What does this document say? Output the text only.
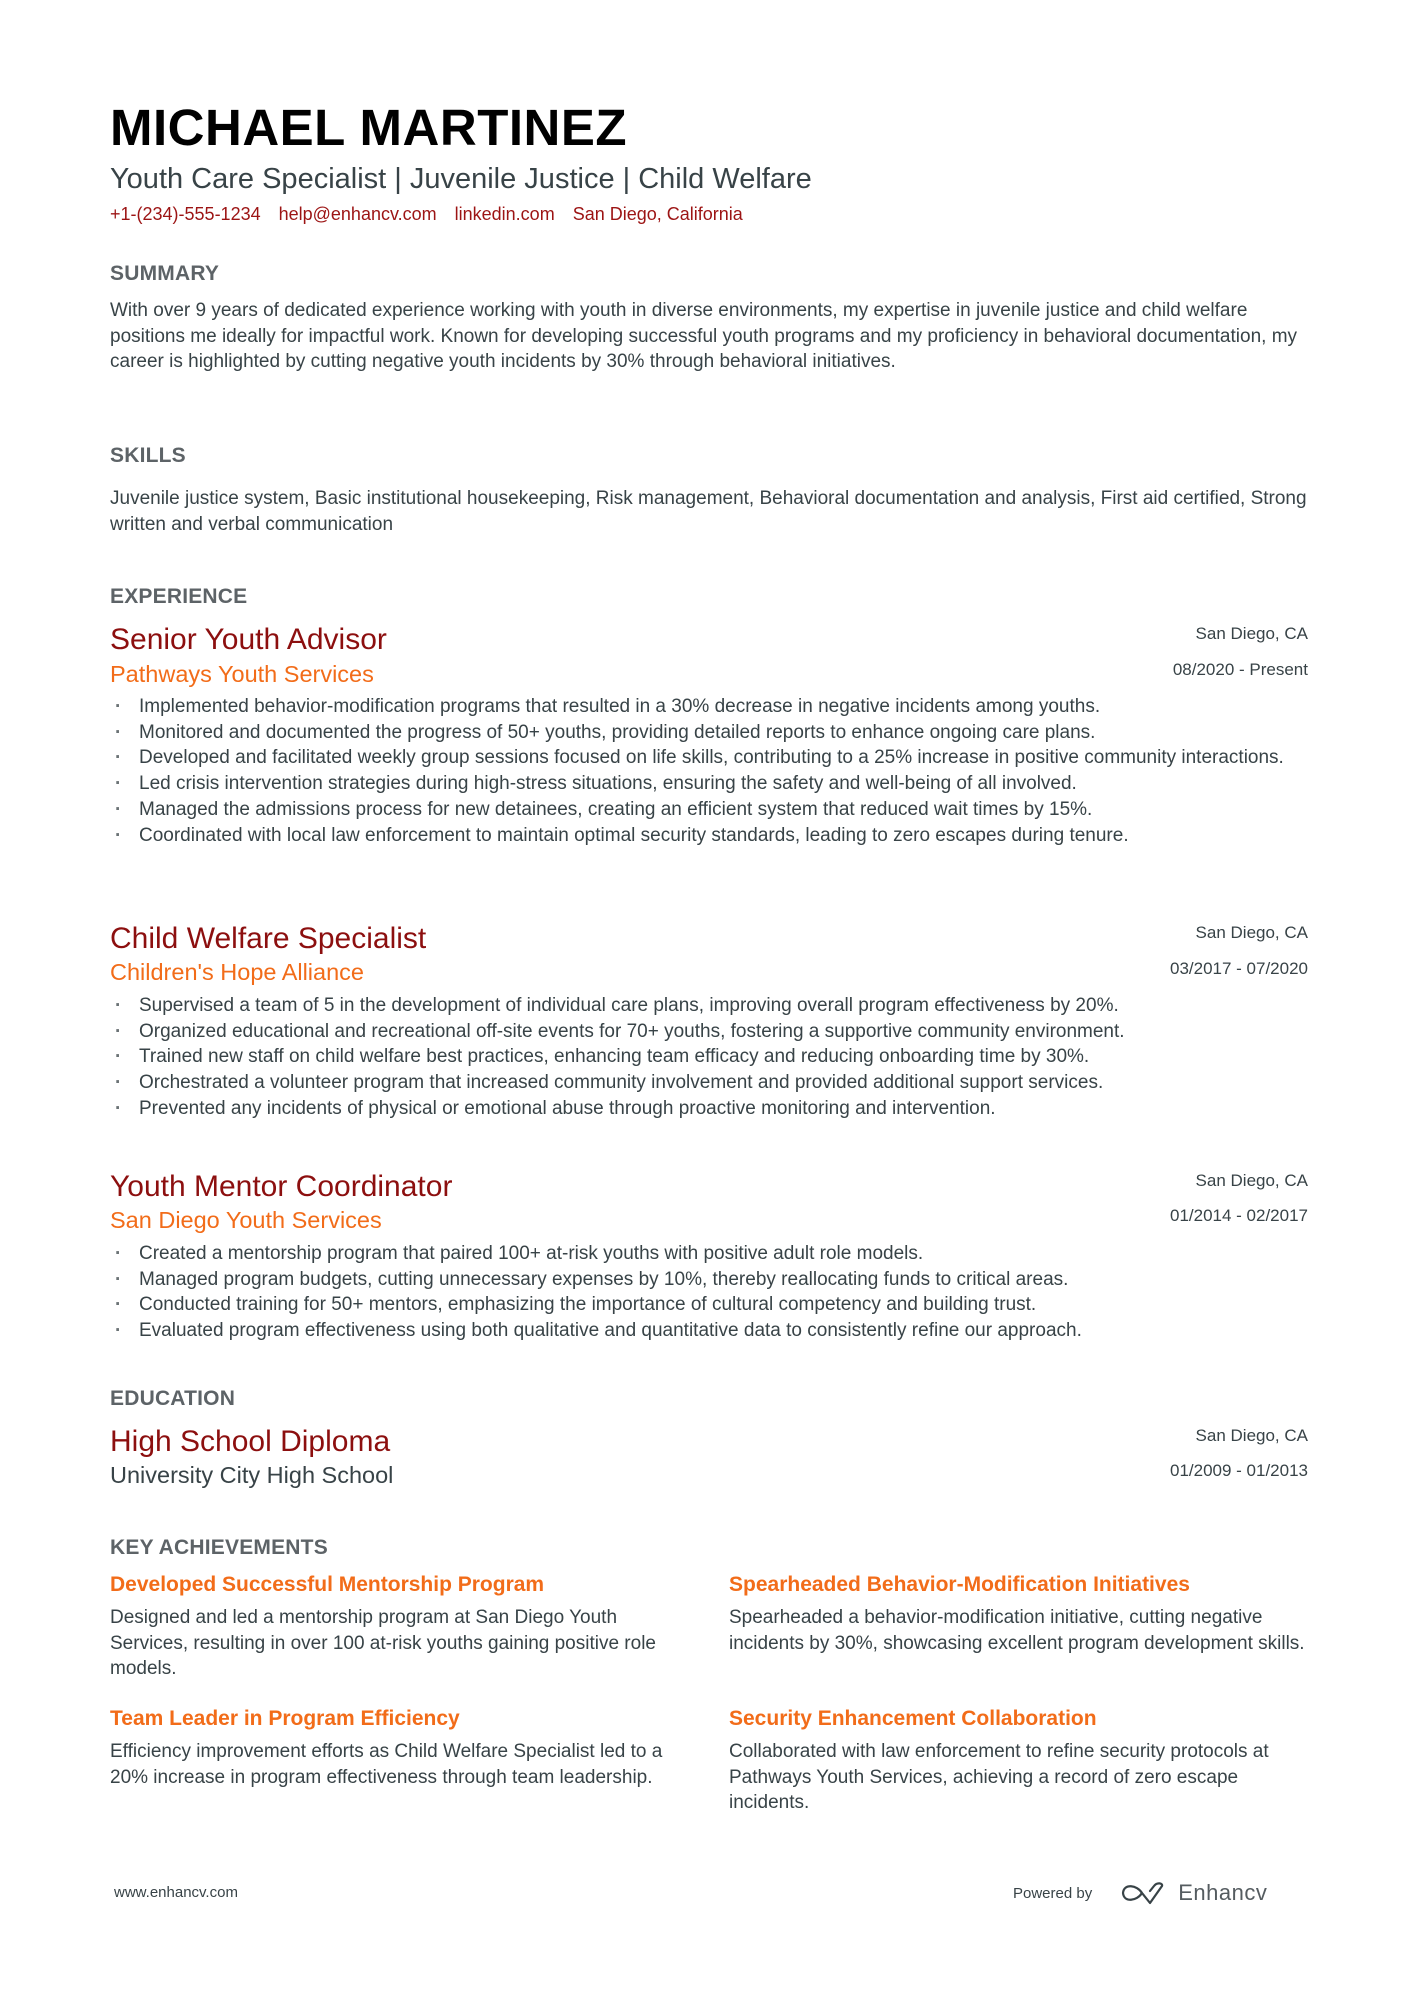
MICHAEL MARTINEZ
Youth Care Specialist | Juvenile Justice | Child Welfare
+1-(234)-555-1234 help@enhancv.com linkedin.com San Diego, California
SUMMARY
With over 9 years of dedicated experience working with youth in diverse environments, my expertise in juvenile justice and child welfare positions me ideally for impactful work. Known for developing successful youth programs and my proficiency in behavioral documentation, my career is highlighted by cutting negative youth incidents by 30% through behavioral initiatives.
SKILLS
Juvenile justice system, Basic institutional housekeeping, Risk management, Behavioral documentation and analysis, First aid certified, Strong written and verbal communication
EXPERIENCE
Senior Youth Advisor	San Diego, CA
Pathways Youth Services	08/2020 - Present
· Implemented behavior-modification programs that resulted in a 30% decrease in negative incidents among youths.
· Monitored and documented the progress of 50+ youths, providing detailed reports to enhance ongoing care plans.
· Developed and facilitated weekly group sessions focused on life skills, contributing to a 25% increase in positive community interactions.
· Led crisis intervention strategies during high-stress situations, ensuring the safety and well-being of all involved.
· Managed the admissions process for new detainees, creating an efficient system that reduced wait times by 15%.
· Coordinated with local law enforcement to maintain optimal security standards, leading to zero escapes during tenure.
Child Welfare Specialist	San Diego, CA
Children's Hope Alliance	03/2017 - 07/2020
· Supervised a team of 5 in the development of individual care plans, improving overall program effectiveness by 20%.
· Organized educational and recreational off-site events for 70+ youths, fostering a supportive community environment.
· Trained new staff on child welfare best practices, enhancing team efficacy and reducing onboarding time by 30%.
· Orchestrated a volunteer program that increased community involvement and provided additional support services.
· Prevented any incidents of physical or emotional abuse through proactive monitoring and intervention.
Youth Mentor Coordinator	San Diego, CA
San Diego Youth Services	01/2014 - 02/2017
· Created a mentorship program that paired 100+ at-risk youths with positive adult role models.
· Managed program budgets, cutting unnecessary expenses by 10%, thereby reallocating funds to critical areas.
· Conducted training for 50+ mentors, emphasizing the importance of cultural competency and building trust.
· Evaluated program effectiveness using both qualitative and quantitative data to consistently refine our approach.
EDUCATION
High School Diploma	San Diego, CA
University City High School	01/2009 - 01/2013
KEY ACHIEVEMENTS
Developed Successful Mentorship Program
Designed and led a mentorship program at San Diego Youth Services, resulting in over 100 at-risk youths gaining positive role models.
Spearheaded Behavior-Modification Initiatives
Spearheaded a behavior-modification initiative, cutting negative incidents by 30%, showcasing excellent program development skills.
Team Leader in Program Efficiency
Efficiency improvement efforts as Child Welfare Specialist led to a 20% increase in program effectiveness through team leadership.
Security Enhancement Collaboration
Collaborated with law enforcement to refine security protocols at Pathways Youth Services, achieving a record of zero escape incidents.
www.enhancv.com	Powered by	Enhancv
